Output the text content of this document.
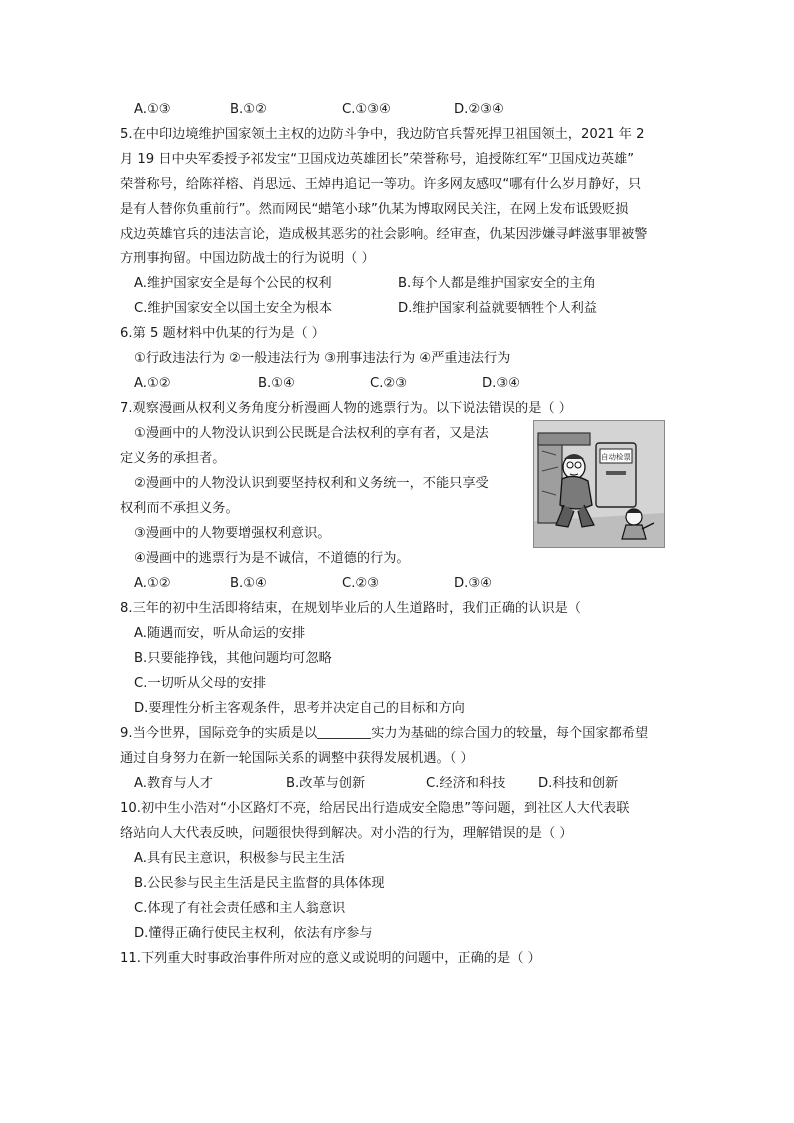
A.①③	B.①②	C.①③④	D.②③④
5.在中印边境维护国家领土主权的边防斗争中，我边防官兵誓死捍卫祖国领土，2021 年 2
月 19 日中央军委授予祁发宝“卫国戍边英雄团长”荣誉称号，追授陈红军“卫国戍边英雄”
荣誉称号，给陈祥榕、肖思远、王焯冉追记一等功。许多网友感叹“哪有什么岁月静好，只
是有人替你负重前行”。然而网民“蜡笔小球”仇某为博取网民关注，在网上发布诋毁贬损
戍边英雄官兵的违法言论，造成极其恶劣的社会影响。经审查，仇某因涉嫌寻衅滋事罪被警
方刑事拘留。中国边防战士的行为说明（ ）
A.维护国家安全是每个公民的权利	B.每个人都是维护国家安全的主角
C.维护国家安全以国土安全为根本	D.维护国家利益就要牺牲个人利益
6.第 5 题材料中仇某的行为是（ ）
①行政违法行为 ②一般违法行为 ③刑事违法行为 ④严重违法行为
A.①②	B.①④	C.②③	D.③④
7.观察漫画从权利义务角度分析漫画人物的逃票行为。以下说法错误的是（ ）
①漫画中的人物没认识到公民既是合法权利的享有者，又是法
定义务的承担者。
②漫画中的人物没认识到要坚持权利和义务统一，不能只享受
权利而不承担义务。
③漫画中的人物要增强权利意识。
④漫画中的逃票行为是不诚信，不道德的行为。
A.①②	B.①④	C.②③	D.③④
自动检票
8.三年的初中生活即将结束，在规划毕业后的人生道路时，我们正确的认识是（
A.随遇而安，听从命运的安排
B.只要能挣钱，其他问题均可忽略
C.一切听从父母的安排
D.要理性分析主客观条件，思考并决定自己的目标和方向
9.当今世界，国际竞争的实质是以	实力为基础的综合国力的较量，每个国家都希望
通过自身努力在新一轮国际关系的调整中获得发展机遇。（ ）
A.教育与人才	B.改革与创新	C.经济和科技 D.科技和创新
10.初中生小浩对“小区路灯不亮，给居民出行造成安全隐患”等问题，到社区人大代表联
络站向人大代表反映，问题很快得到解决。对小浩的行为，理解错误的是（ ）
A.具有民主意识，积极参与民主生活
B.公民参与民主生活是民主监督的具体体现
C.体现了有社会责任感和主人翁意识
D.懂得正确行使民主权利，依法有序参与
11.下列重大时事政治事件所对应的意义或说明的问题中，正确的是（ ）
